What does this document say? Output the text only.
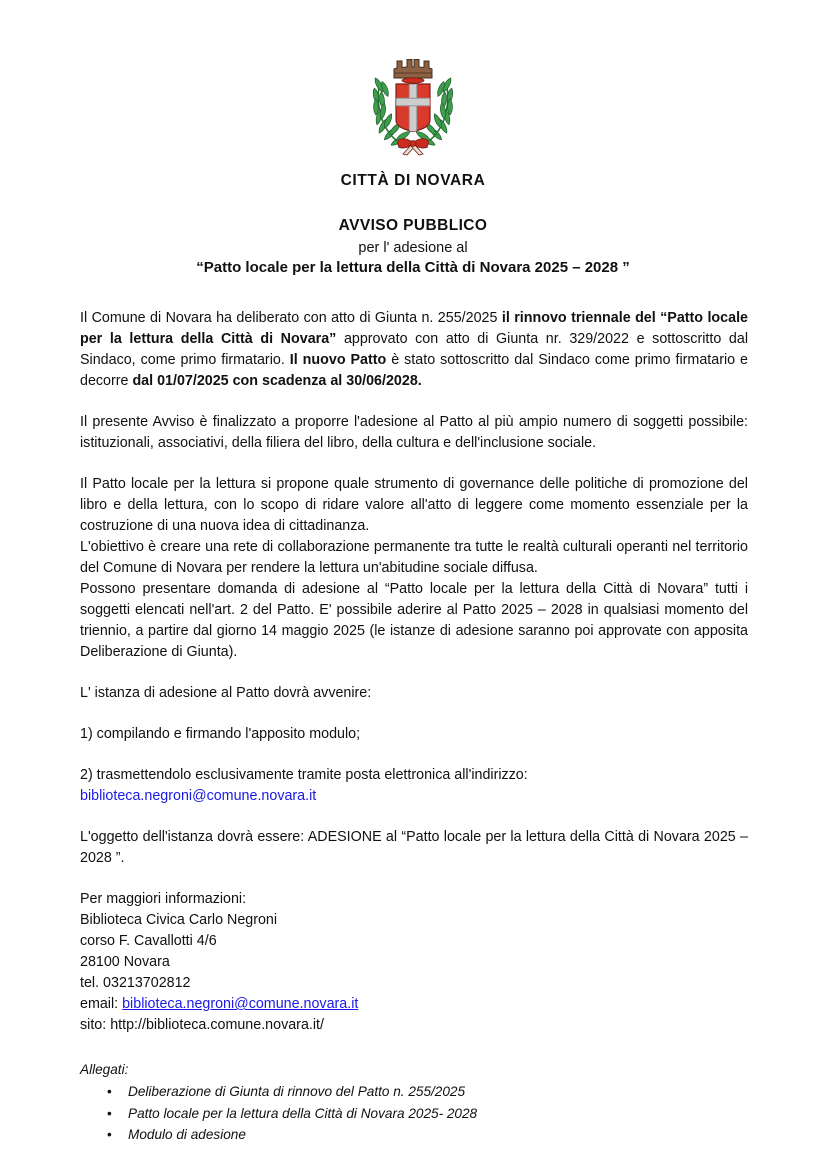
CITTÀ DI NOVARA
AVVISO PUBBLICO
per l' adesione al
“Patto locale per la lettura della Città di Novara 2025 – 2028 ”
Il Comune di Novara ha deliberato con atto di Giunta n. 255/2025 il rinnovo triennale del “Patto locale per la lettura della Città di Novara” approvato con atto di Giunta nr. 329/2022 e sottoscritto dal Sindaco, come primo firmatario. Il nuovo Patto è stato sottoscritto dal Sindaco come primo firmatario e decorre dal 01/07/2025 con scadenza al 30/06/2028.
Il presente Avviso è finalizzato a proporre l'adesione al Patto al più ampio numero di soggetti possibile: istituzionali, associativi, della filiera del libro, della cultura e dell'inclusione sociale.
Il Patto locale per la lettura si propone quale strumento di governance delle politiche di promozione del libro e della lettura, con lo scopo di ridare valore all'atto di leggere come momento essenziale per la costruzione di una nuova idea di cittadinanza.
L'obiettivo è creare una rete di collaborazione permanente tra tutte le realtà culturali operanti nel territorio del Comune di Novara per rendere la lettura un'abitudine sociale diffusa.
Possono presentare domanda di adesione al “Patto locale per la lettura della Città di Novara” tutti i soggetti elencati nell'art. 2 del Patto. E' possibile aderire al Patto 2025 – 2028 in qualsiasi momento del triennio, a partire dal giorno 14 maggio 2025 (le istanze di adesione saranno poi approvate con apposita Deliberazione di Giunta).
L' istanza di adesione al Patto dovrà avvenire:
1) compilando e firmando l'apposito modulo;
2) trasmettendolo esclusivamente tramite posta elettronica all'indirizzo:
biblioteca.negroni@comune.novara.it
L'oggetto dell'istanza dovrà essere: ADESIONE al “Patto locale per la lettura della Città di Novara 2025 – 2028 ”.
Per maggiori informazioni:
Biblioteca Civica Carlo Negroni
corso F. Cavallotti 4/6
28100 Novara
tel. 03213702812
email: biblioteca.negroni@comune.novara.it
sito: http://biblioteca.comune.novara.it/
Allegati:
• Deliberazione di Giunta di rinnovo del Patto n. 255/2025
• Patto locale per la lettura della Città di Novara 2025- 2028
• Modulo di adesione
